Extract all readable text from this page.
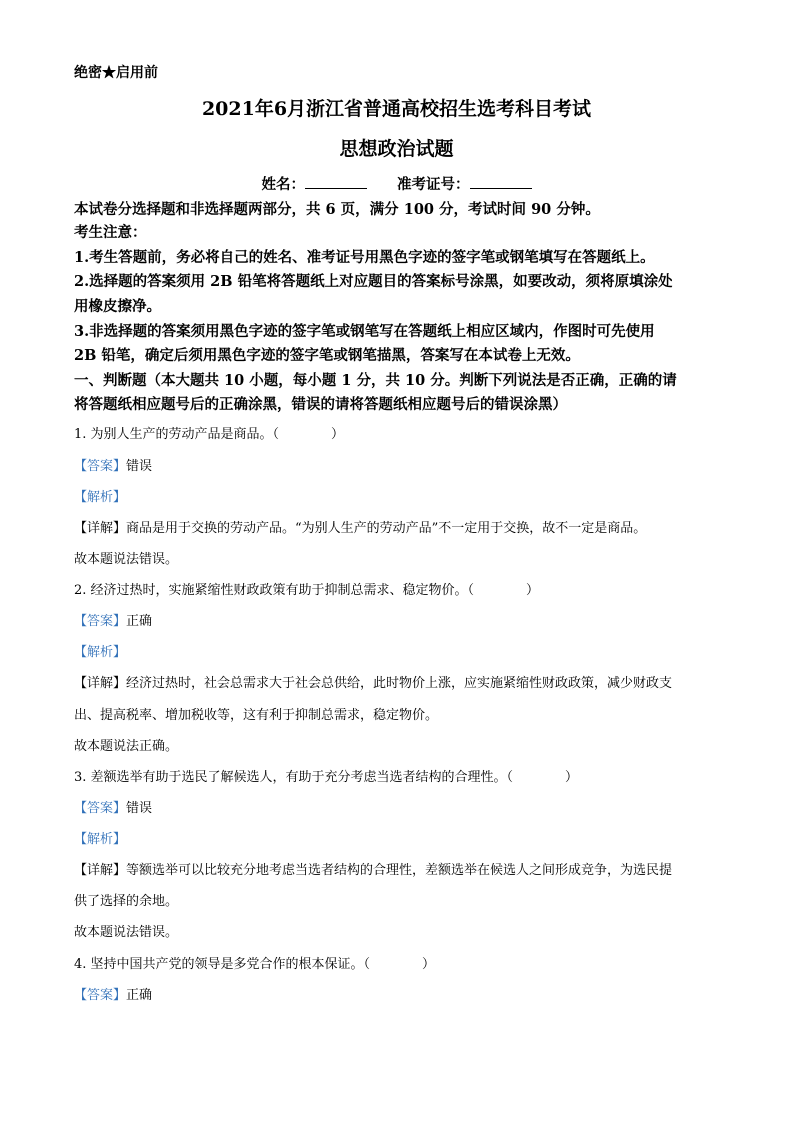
绝密★启用前
2021年6月浙江省普通高校招生选考科目考试
思想政治试题
姓名：	准考证号：
本试卷分选择题和非选择题两部分，共 6 页，满分 100 分，考试时间 90 分钟。
考生注意：
1.考生答题前，务必将自己的姓名、准考证号用黑色字迹的签字笔或钢笔填写在答题纸上。
2.选择题的答案须用 2B 铅笔将答题纸上对应题目的答案标号涂黑，如要改动，须将原填涂处
用橡皮擦净。
3.非选择题的答案须用黑色字迹的签字笔或钢笔写在答题纸上相应区域内，作图时可先使用
2B 铅笔，确定后须用黑色字迹的签字笔或钢笔描黑，答案写在本试卷上无效。
一、判断题（本大题共 10 小题，每小题 1 分，共 10 分。判断下列说法是否正确，正确的请
将答题纸相应题号后的正确涂黑，错误的请将答题纸相应题号后的错误涂黑）
1. 为别人生产的劳动产品是商品。（	）
【答案】错误
【解析】
【详解】商品是用于交换的劳动产品。“为别人生产的劳动产品”不一定用于交换，故不一定是商品。
故本题说法错误。
2. 经济过热时，实施紧缩性财政政策有助于抑制总需求、稳定物价。（	）
【答案】正确
【解析】
【详解】经济过热时，社会总需求大于社会总供给，此时物价上涨，应实施紧缩性财政政策，减少财政支
出、提高税率、增加税收等，这有利于抑制总需求，稳定物价。
故本题说法正确。
3. 差额选举有助于选民了解候选人，有助于充分考虑当选者结构的合理性。（	）
【答案】错误
【解析】
【详解】等额选举可以比较充分地考虑当选者结构的合理性，差额选举在候选人之间形成竞争，为选民提
供了选择的余地。
故本题说法错误。
4. 坚持中国共产党的领导是多党合作的根本保证。（	）
【答案】正确
